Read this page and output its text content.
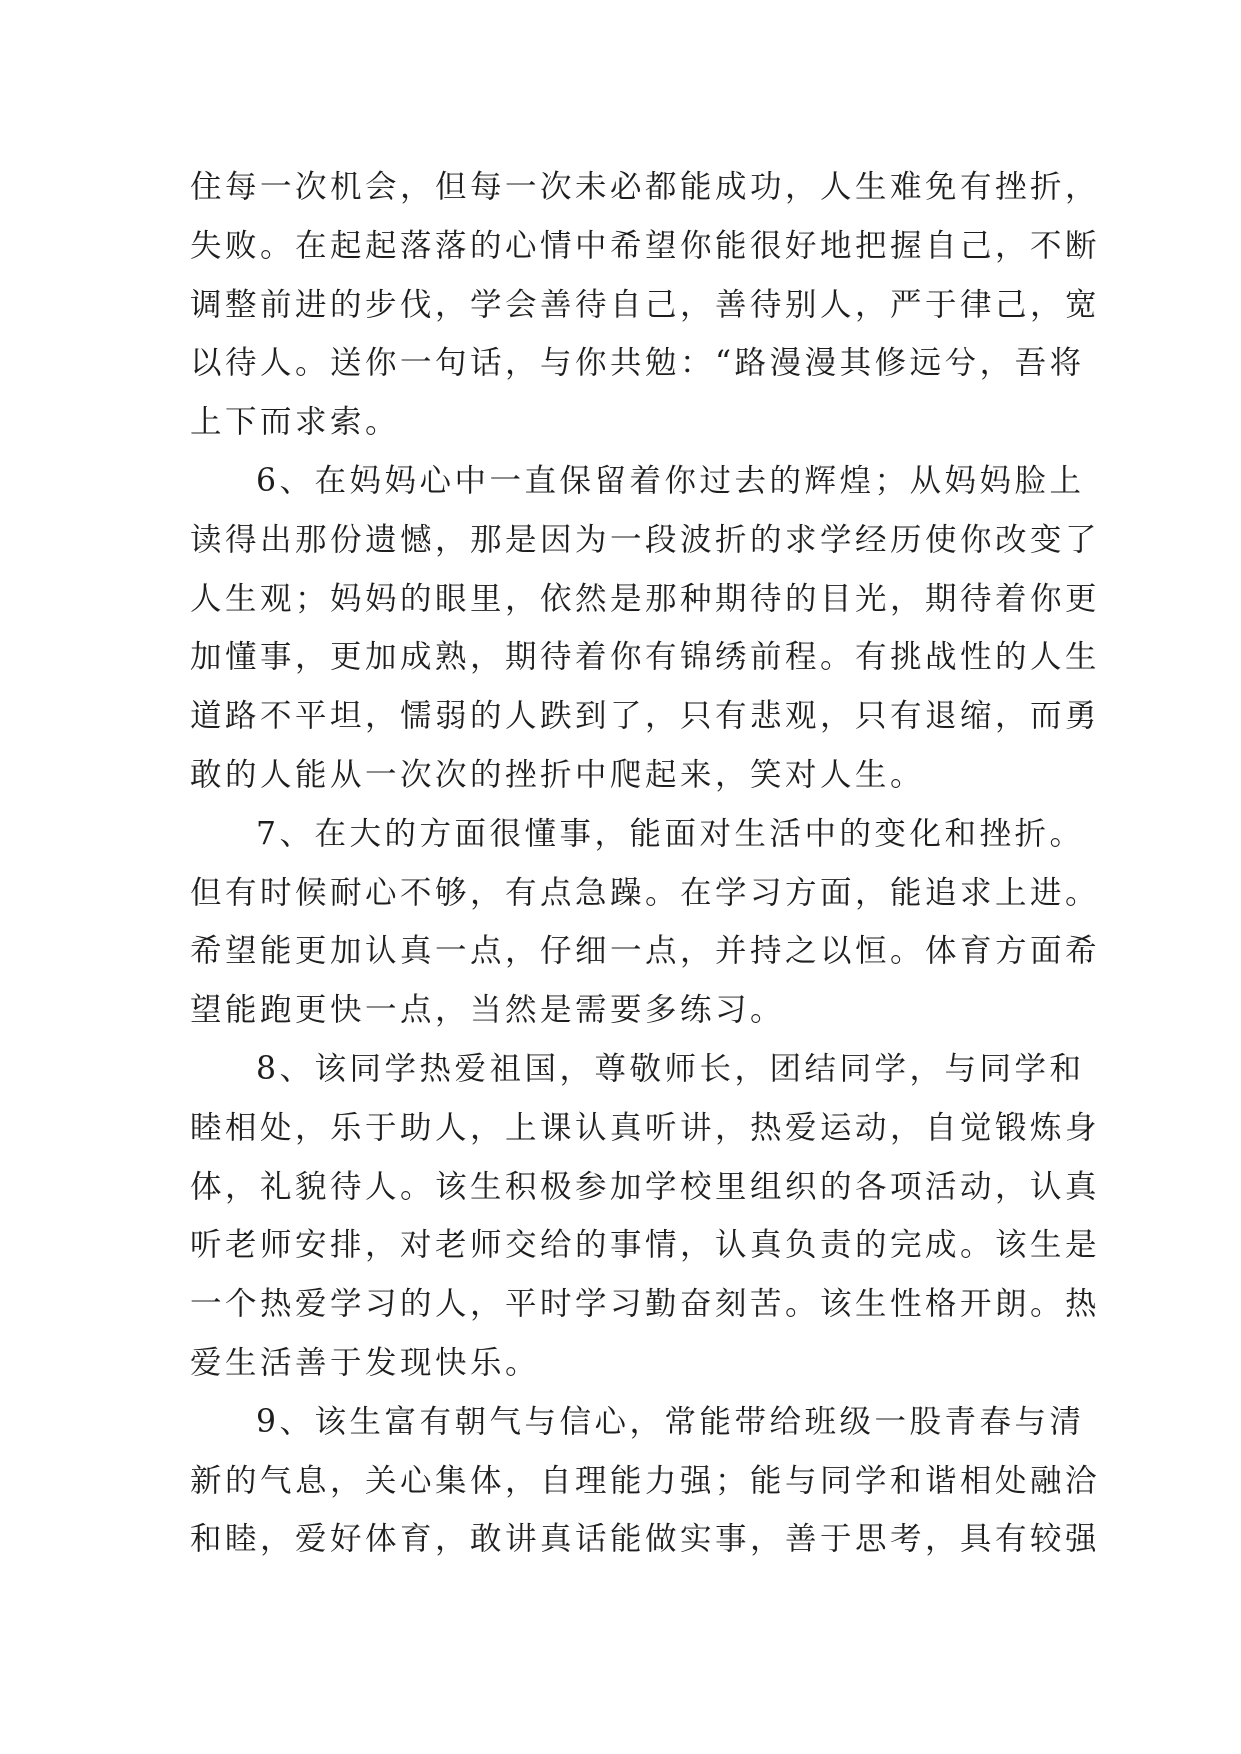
住每一次机会，但每一次未必都能成功，人生难免有挫折，
失败。在起起落落的心情中希望你能很好地把握自己，不断
调整前进的步伐，学会善待自己，善待别人，严于律己，宽
以待人。送你一句话，与你共勉：“路漫漫其修远兮，吾将
上下而求索。
6、在妈妈心中一直保留着你过去的辉煌；从妈妈脸上
读得出那份遗憾，那是因为一段波折的求学经历使你改变了
人生观；妈妈的眼里，依然是那种期待的目光，期待着你更
加懂事，更加成熟，期待着你有锦绣前程。有挑战性的人生
道路不平坦，懦弱的人跌到了，只有悲观，只有退缩，而勇
敢的人能从一次次的挫折中爬起来，笑对人生。
7、在大的方面很懂事，能面对生活中的变化和挫折。
但有时候耐心不够，有点急躁。在学习方面，能追求上进。
希望能更加认真一点，仔细一点，并持之以恒。体育方面希
望能跑更快一点，当然是需要多练习。
8、该同学热爱祖国，尊敬师长，团结同学，与同学和
睦相处，乐于助人，上课认真听讲，热爱运动，自觉锻炼身
体，礼貌待人。该生积极参加学校里组织的各项活动，认真
听老师安排，对老师交给的事情，认真负责的完成。该生是
一个热爱学习的人，平时学习勤奋刻苦。该生性格开朗。热
爱生活善于发现快乐。
9、该生富有朝气与信心，常能带给班级一股青春与清
新的气息，关心集体，自理能力强；能与同学和谐相处融洽
和睦，爱好体育，敢讲真话能做实事，善于思考，具有较强
